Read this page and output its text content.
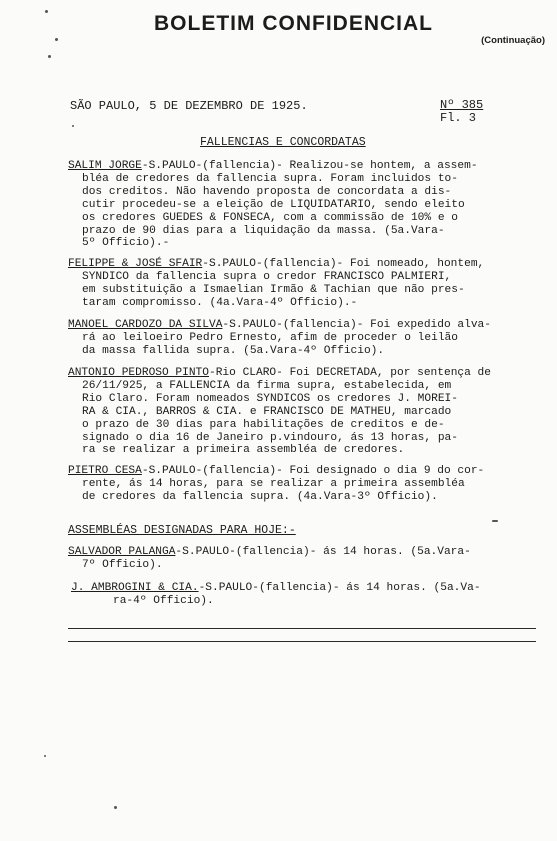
BOLETIM CONFIDENCIAL
(Continuação)
SÃO PAULO, 5 DE DEZEMBRO DE 1925.	Nº 385
Fl. 3
FALLENCIAS E CONCORDATAS

SALIM JORGE-S.PAULO-(fallencia)- Realizou-se hontem, a assem-

bléa de credores da fallencia supra. Foram incluidos to-

dos creditos. Não havendo proposta de concordata a dis-

cutir procedeu-se a eleição de LIQUIDATARIO, sendo eleito

os credores GUEDES & FONSECA, com a commissão de 10% e o

prazo de 90 dias para a liquidação da massa. (5a.Vara-

5º Officio).-

FELIPPE & JOSÉ SFAIR-S.PAULO-(fallencia)- Foi nomeado, hontem,

SYNDICO da fallencia supra o credor FRANCISCO PALMIERI,

em substituição a Ismaelian Irmão & Tachian que não pres-

taram compromisso. (4a.Vara-4º Officio).-

MANOEL CARDOZO DA SILVA-S.PAULO-(fallencia)- Foi expedido alva-

rá ao leiloeiro Pedro Ernesto, afim de proceder o leilão

da massa fallida supra. (5a.Vara-4º Officio).

ANTONIO PEDROSO PINTO-Rio CLARO- Foi DECRETADA, por sentença de

26/11/925, a FALLENCIA da firma supra, estabelecida, em

Rio Claro. Foram nomeados SYNDICOS os credores J. MOREI-

RA & CIA., BARROS & CIA. e FRANCISCO DE MATHEU, marcado

o prazo de 30 dias para habilitações de creditos e de-

signado o dia 16 de Janeiro p.vindouro, ás 13 horas, pa-

ra se realizar a primeira assembléa de credores.

PIETRO CESA-S.PAULO-(fallencia)- Foi designado o dia 9 do cor-

rente, ás 14 horas, para se realizar a primeira assembléa

de credores da fallencia supra. (4a.Vara-3º Officio).

ASSEMBLÉAS DESIGNADAS PARA HOJE:-

SALVADOR PALANGA-S.PAULO-(fallencia)- ás 14 horas. (5a.Vara-

7º Officio).

J. AMBROGINI & CIA.-S.PAULO-(fallencia)- ás 14 horas. (5a.Va-

ra-4º Officio).
